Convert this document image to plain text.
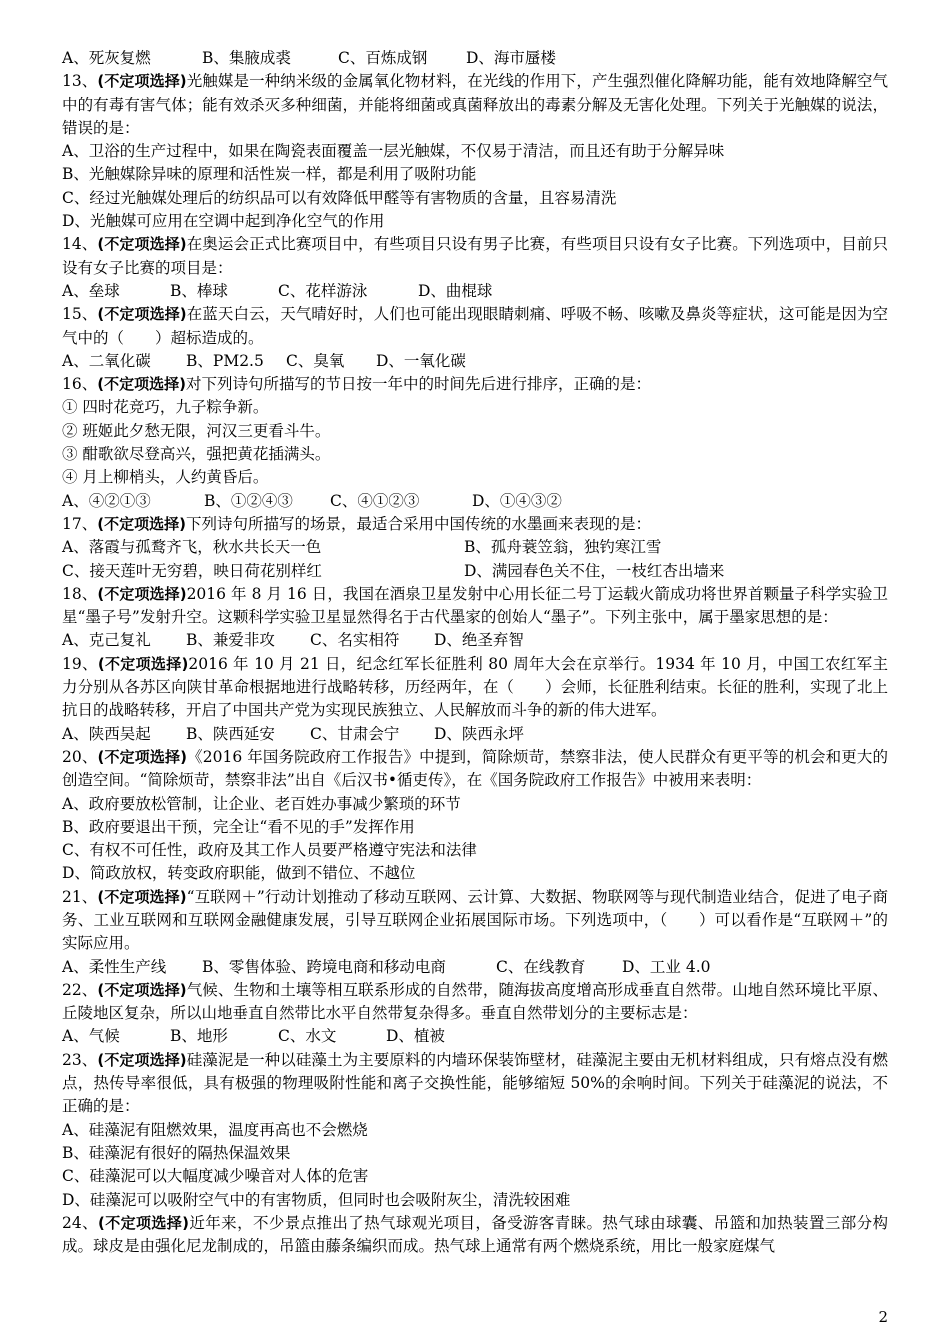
A、死灰复燃	B、集腋成裘	C、百炼成钢	D、海市蜃楼
13、(不定项选择)光触媒是一种纳米级的金属氧化物材料，在光线的作用下，产生强烈催化降解功能，能有效地降解空气中的有毒有害气体；能有效杀灭多种细菌，并能将细菌或真菌释放出的毒素分解及无害化处理。下列关于光触媒的说法，错误的是：
A、卫浴的生产过程中，如果在陶瓷表面覆盖一层光触媒，不仅易于清洁，而且还有助于分解异味
B、光触媒除异味的原理和活性炭一样，都是利用了吸附功能
C、经过光触媒处理后的纺织品可以有效降低甲醛等有害物质的含量，且容易清洗
D、光触媒可应用在空调中起到净化空气的作用
14、(不定项选择)在奥运会正式比赛项目中，有些项目只设有男子比赛，有些项目只设有女子比赛。下列选项中，目前只设有女子比赛的项目是：
A、垒球	B、棒球	C、花样游泳	D、曲棍球
15、(不定项选择)在蓝天白云，天气晴好时，人们也可能出现眼睛刺痛、呼吸不畅、咳嗽及鼻炎等症状，这可能是因为空气中的（　　）超标造成的。
A、二氧化碳	B、PM2.5 C、臭氧 D、一氧化碳
16、(不定项选择)对下列诗句所描写的节日按一年中的时间先后进行排序，正确的是：
① 四时花竞巧，九子粽争新。
② 班姬此夕愁无限，河汉三更看斗牛。
③ 酣歌欲尽登高兴，强把黄花插满头。
④ 月上柳梢头，人约黄昏后。
A、④②①③	B、①②④③	C、④①②③	D、①④③②
17、(不定项选择)下列诗句所描写的场景，最适合采用中国传统的水墨画来表现的是：
A、落霞与孤鹜齐飞，秋水共长天一色	B、孤舟蓑笠翁，独钓寒江雪
C、接天莲叶无穷碧，映日荷花别样红	D、满园春色关不住，一枝红杏出墙来
18、(不定项选择)2016 年 8 月 16 日，我国在酒泉卫星发射中心用长征二号丁运载火箭成功将世界首颗量子科学实验卫星“墨子号”发射升空。这颗科学实验卫星显然得名于古代墨家的创始人“墨子”。下列主张中，属于墨家思想的是：
A、克己复礼	B、兼爱非攻	C、名实相符 D、绝圣弃智
19、(不定项选择)2016 年 10 月 21 日，纪念红军长征胜利 80 周年大会在京举行。1934 年 10 月，中国工农红军主力分别从各苏区向陕甘革命根据地进行战略转移，历经两年，在（　　）会师，长征胜利结束。长征的胜利，实现了北上抗日的战略转移，开启了中国共产党为实现民族独立、人民解放而斗争的新的伟大进军。
A、陕西吴起	B、陕西延安	C、甘肃会宁 D、陕西永坪
20、(不定项选择)《2016 年国务院政府工作报告》中提到，简除烦苛，禁察非法，使人民群众有更平等的机会和更大的创造空间。“简除烦苛，禁察非法”出自《后汉书•循吏传》，在《国务院政府工作报告》中被用来表明：
A、政府要放松管制，让企业、老百姓办事减少繁琐的环节
B、政府要退出干预，完全让“看不见的手”发挥作用
C、有权不可任性，政府及其工作人员要严格遵守宪法和法律
D、简政放权，转变政府职能，做到不错位、不越位
21、(不定项选择)“互联网＋”行动计划推动了移动互联网、云计算、大数据、物联网等与现代制造业结合，促进了电子商务、工业互联网和互联网金融健康发展，引导互联网企业拓展国际市场。下列选项中，（　　）可以看作是“互联网＋”的实际应用。
A、柔性生产线	B、零售体验、跨境电商和移动电商	C、在线教育	D、工业 4.0
22、(不定项选择)气候、生物和土壤等相互联系形成的自然带，随海拔高度增高形成垂直自然带。山地自然环境比平原、丘陵地区复杂，所以山地垂直自然带比水平自然带复杂得多。垂直自然带划分的主要标志是：
A、气候	B、地形	C、水文	D、植被
23、(不定项选择)硅藻泥是一种以硅藻土为主要原料的内墙环保装饰壁材，硅藻泥主要由无机材料组成，只有熔点没有燃点，热传导率很低，具有极强的物理吸附性能和离子交换性能，能够缩短 50%的余响时间。下列关于硅藻泥的说法，不正确的是：
A、硅藻泥有阻燃效果，温度再高也不会燃烧
B、硅藻泥有很好的隔热保温效果
C、硅藻泥可以大幅度减少噪音对人体的危害
D、硅藻泥可以吸附空气中的有害物质，但同时也会吸附灰尘，清洗较困难
24、(不定项选择)近年来，不少景点推出了热气球观光项目，备受游客青睐。热气球由球囊、吊篮和加热装置三部分构成。球皮是由强化尼龙制成的，吊篮由藤条编织而成。热气球上通常有两个燃烧系统，用比一般家庭煤气
2
